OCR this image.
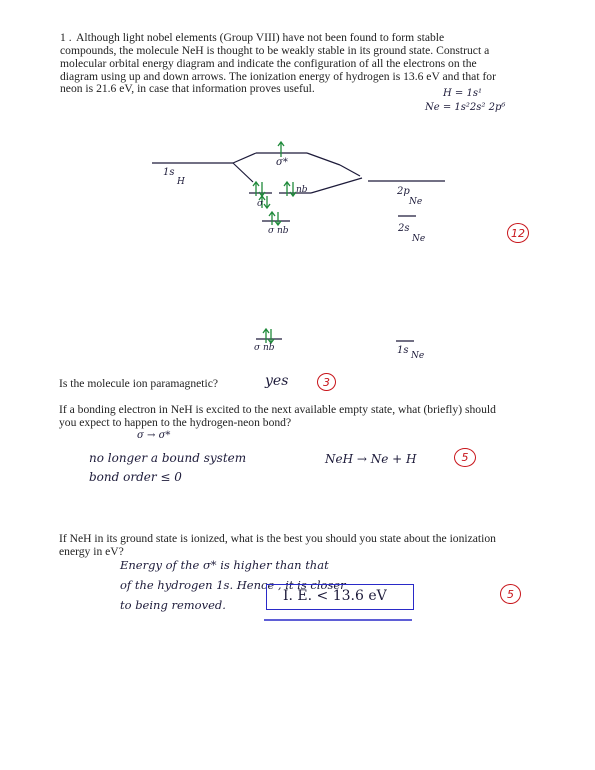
1 . Although light nobel elements (Group VIII) have not been found to form stable
compounds, the molecule NeH is thought to be weakly stable in its ground state. Construct a
molecular orbital energy diagram and indicate the configuration of all the electrons on the
diagram using up and down arrows. The ionization energy of hydrogen is 13.6 eV and that for
neon is 21.6 eV, in case that information proves useful.	H = 1s¹
Ne = 1s²2s² 2p⁶
σ*
1s
H
nb
σ
σ nb
2p
Ne
2s
Ne
σ nb	1s Ne
12
Is the molecule ion paramagnetic?	yes	3
If a bonding electron in NeH is excited to the next available empty state, what (briefly) should
you expect to happen to the hydrogen-neon bond?
σ → σ*
no longer a bound system
bond order ≤ 0
NeH → Ne + H	5
If NeH in its ground state is ionized, what is the best you should you state about the ionization
energy in eV?
Energy of the σ* is higher than that
of the hydrogen 1s. Hence , it is closer
to being removed.
I. E. < 13.6 eV	5
